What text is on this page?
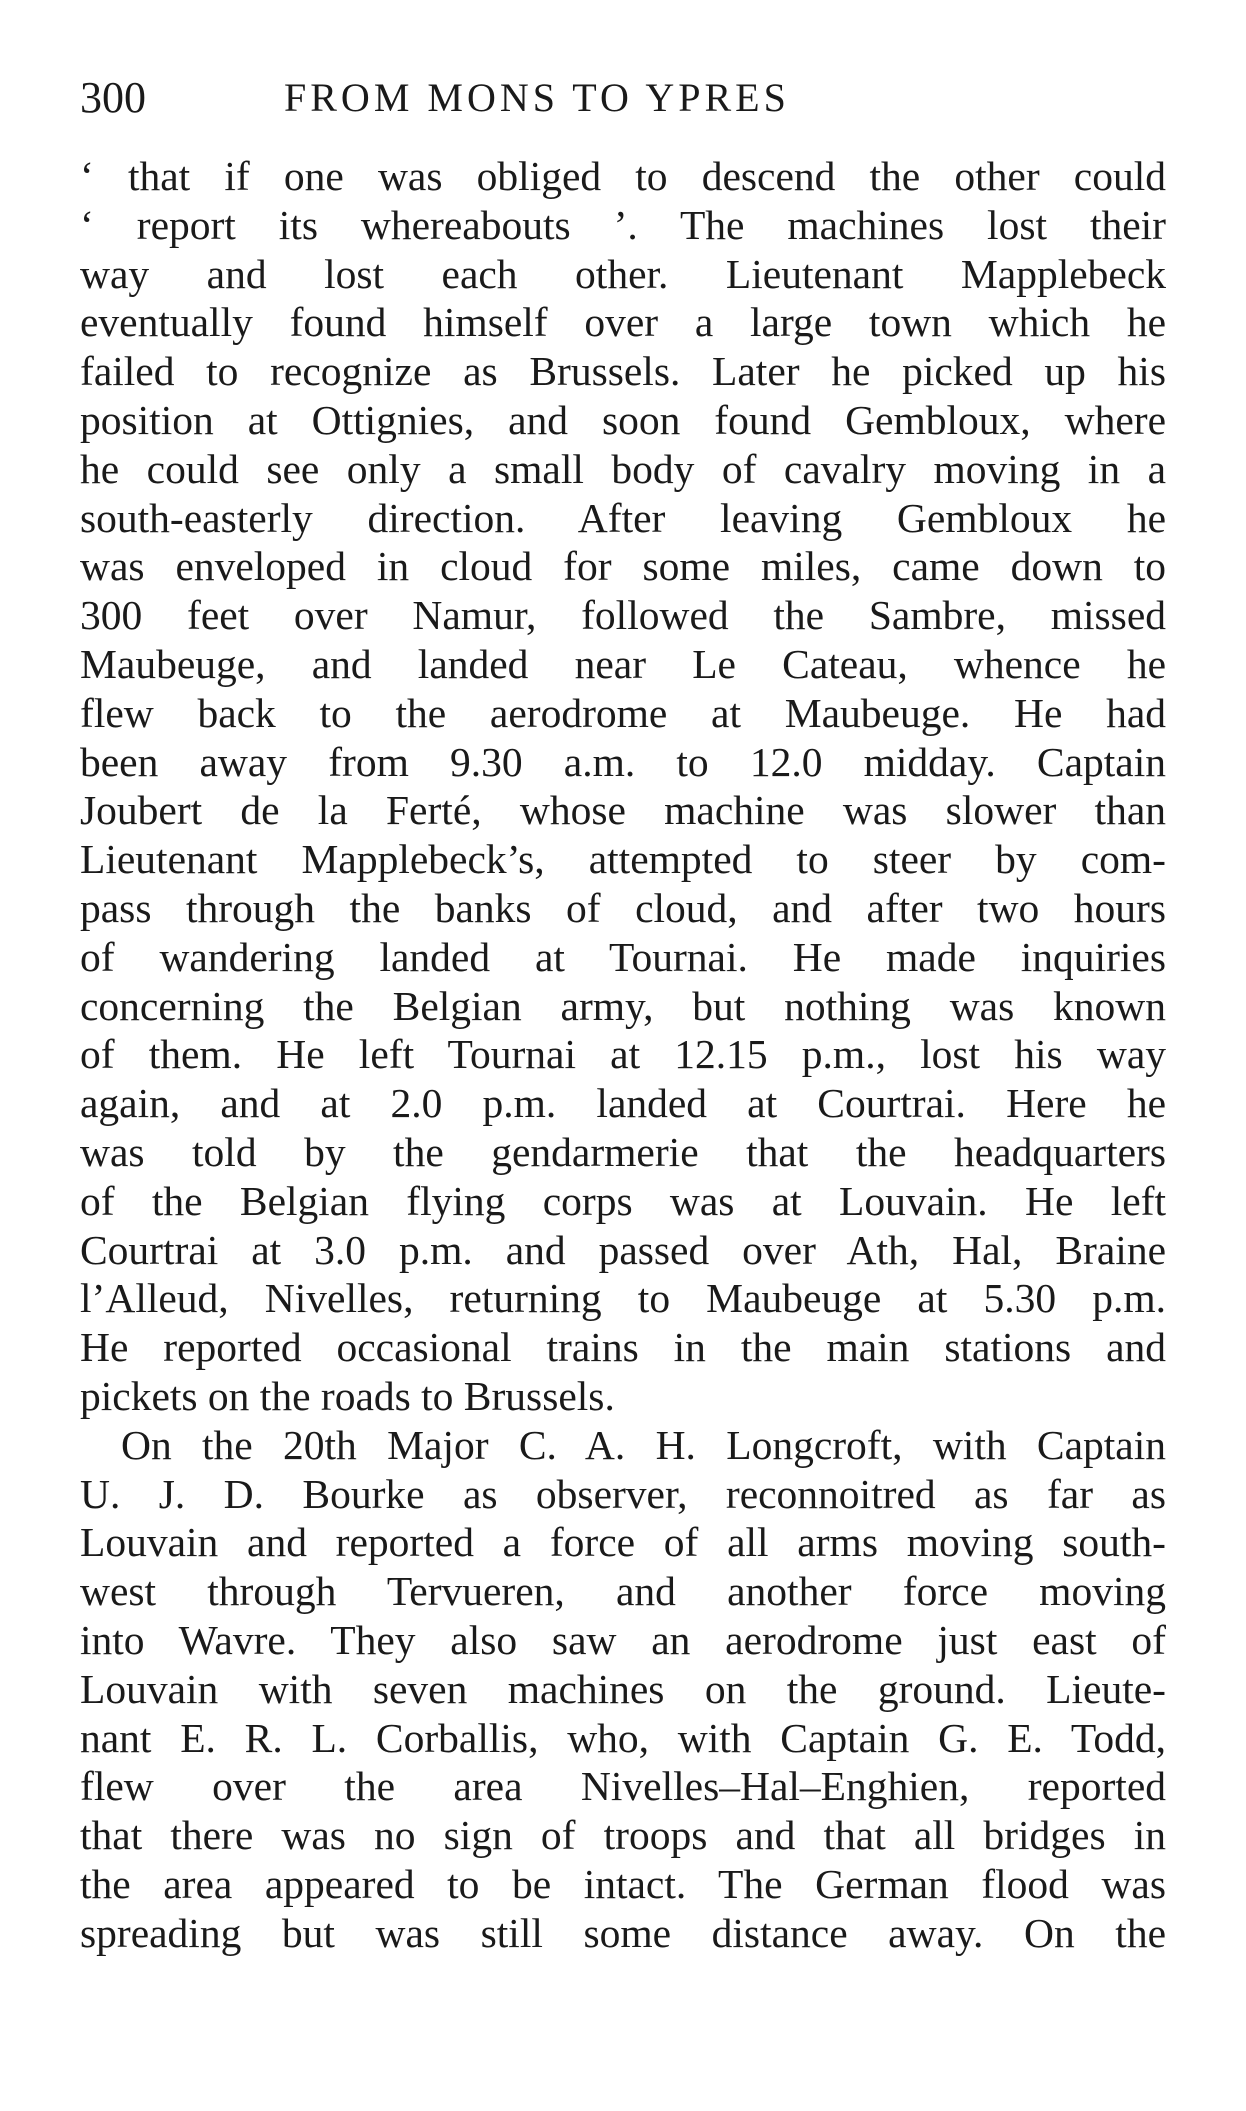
300	FROM MONS TO YPRES
‘ that if one was obliged to descend the other could
‘ report its whereabouts ’. The machines lost their
way and lost each other. Lieutenant Mapplebeck
eventually found himself over a large town which he
failed to recognize as Brussels. Later he picked up his
position at Ottignies, and soon found Gembloux, where
he could see only a small body of cavalry moving in a
south-easterly direction. After leaving Gembloux he
was enveloped in cloud for some miles, came down to
300 feet over Namur, followed the Sambre, missed
Maubeuge, and landed near Le Cateau, whence he
flew back to the aerodrome at Maubeuge. He had
been away from 9.30 a.m. to 12.0 midday. Captain
Joubert de la Ferté, whose machine was slower than
Lieutenant Mapplebeck’s, attempted to steer by com-
pass through the banks of cloud, and after two hours
of wandering landed at Tournai. He made inquiries
concerning the Belgian army, but nothing was known
of them. He left Tournai at 12.15 p.m., lost his way
again, and at 2.0 p.m. landed at Courtrai. Here he
was told by the gendarmerie that the headquarters
of the Belgian flying corps was at Louvain. He left
Courtrai at 3.0 p.m. and passed over Ath, Hal, Braine
l’Alleud, Nivelles, returning to Maubeuge at 5.30 p.m.
He reported occasional trains in the main stations and
pickets on the roads to Brussels.
On the 20th Major C. A. H. Longcroft, with Captain
U. J. D. Bourke as observer, reconnoitred as far as
Louvain and reported a force of all arms moving south-
west through Tervueren, and another force moving
into Wavre. They also saw an aerodrome just east of
Louvain with seven machines on the ground. Lieute-
nant E. R. L. Corballis, who, with Captain G. E. Todd,
flew over the area Nivelles–Hal–Enghien, reported
that there was no sign of troops and that all bridges in
the area appeared to be intact. The German flood was
spreading but was still some distance away. On the
